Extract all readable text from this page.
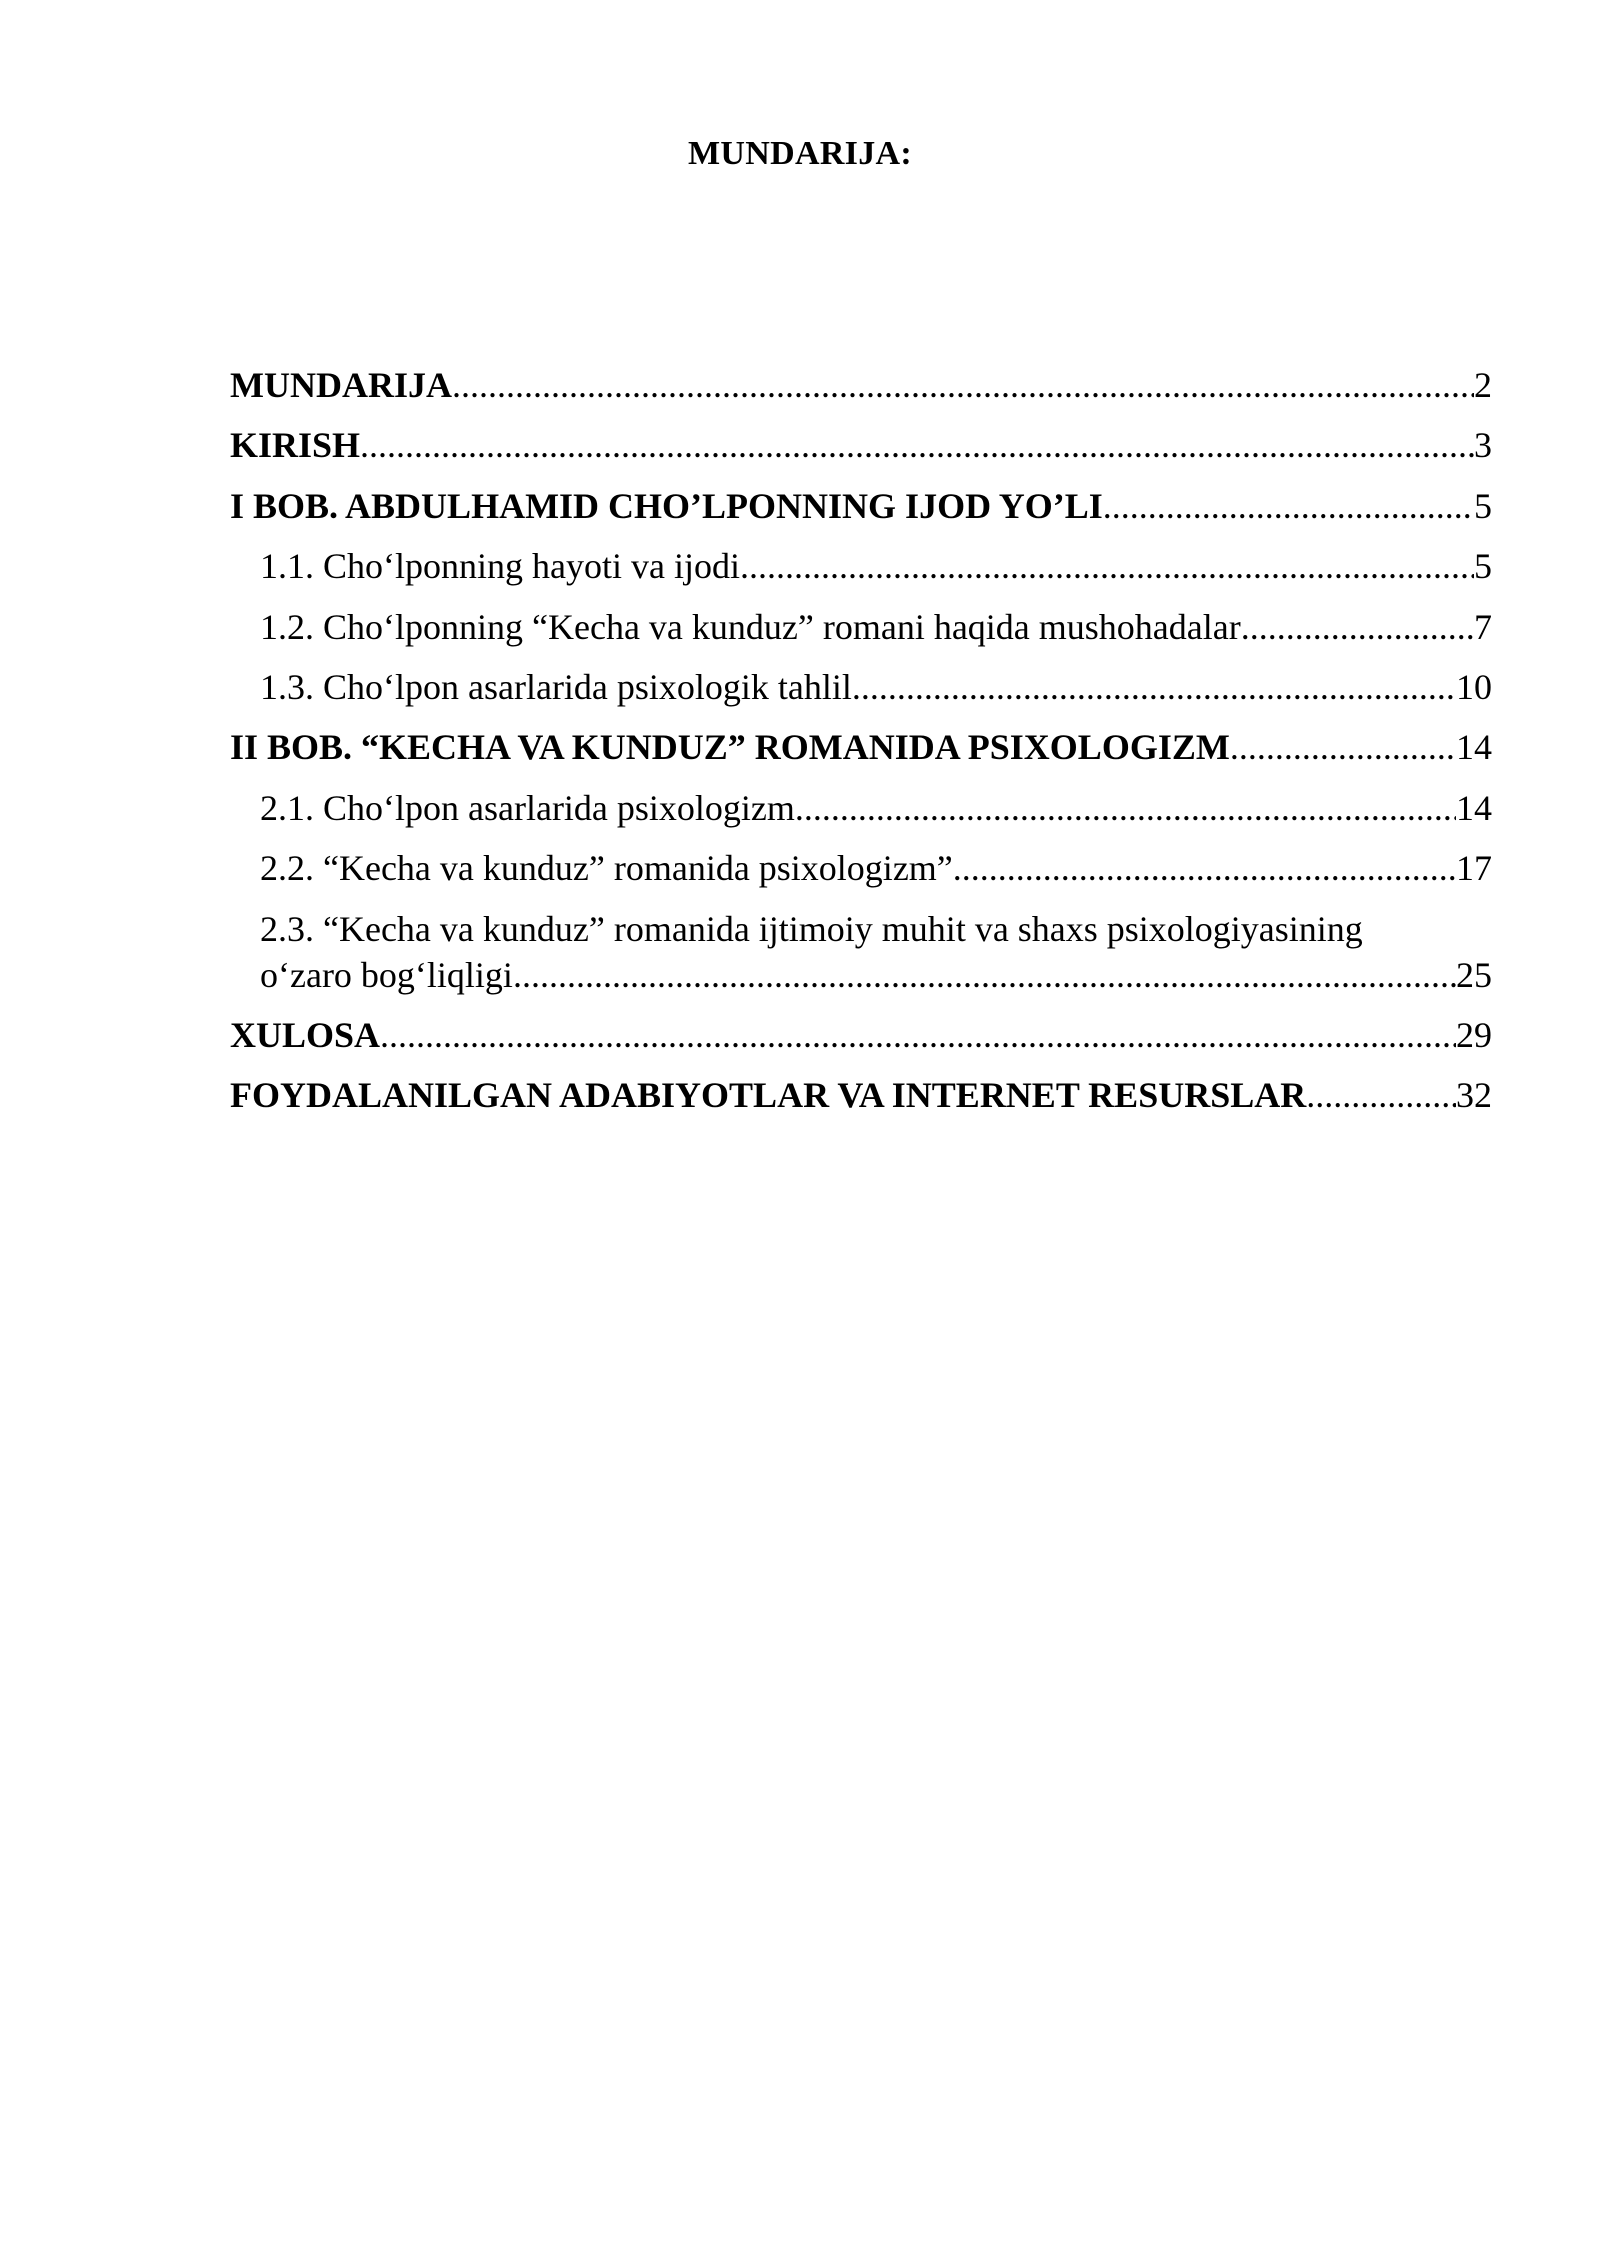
MUNDARIJA:
MUNDARIJA .....	2
KIRISH .....	3
I BOB. ABDULHAMID CHO’LPONNING IJOD YO’LI .....	5
1.1. Cho‘lponning hayoti va ijodi .....	5
1.2. Cho‘lponning “Kecha va kunduz” romani haqida mushohadalar .....	7
1.3. Cho‘lpon asarlarida psixologik tahlil .....	10
II BOB. “KECHA VA KUNDUZ” ROMANIDA PSIXOLOGIZM .....	14
2.1. Cho‘lpon asarlarida psixologizm .....	14
2.2. “Kecha va kunduz” romanida psixologizm” .....	17
2.3. “Kecha va kunduz” romanida ijtimoiy muhit va shaxs psixologiyasining
o‘zaro bog‘liqligi .....	25
XULOSA .....	29
FOYDALANILGAN ADABIYOTLAR VA INTERNET RESURSLAR .....	32
